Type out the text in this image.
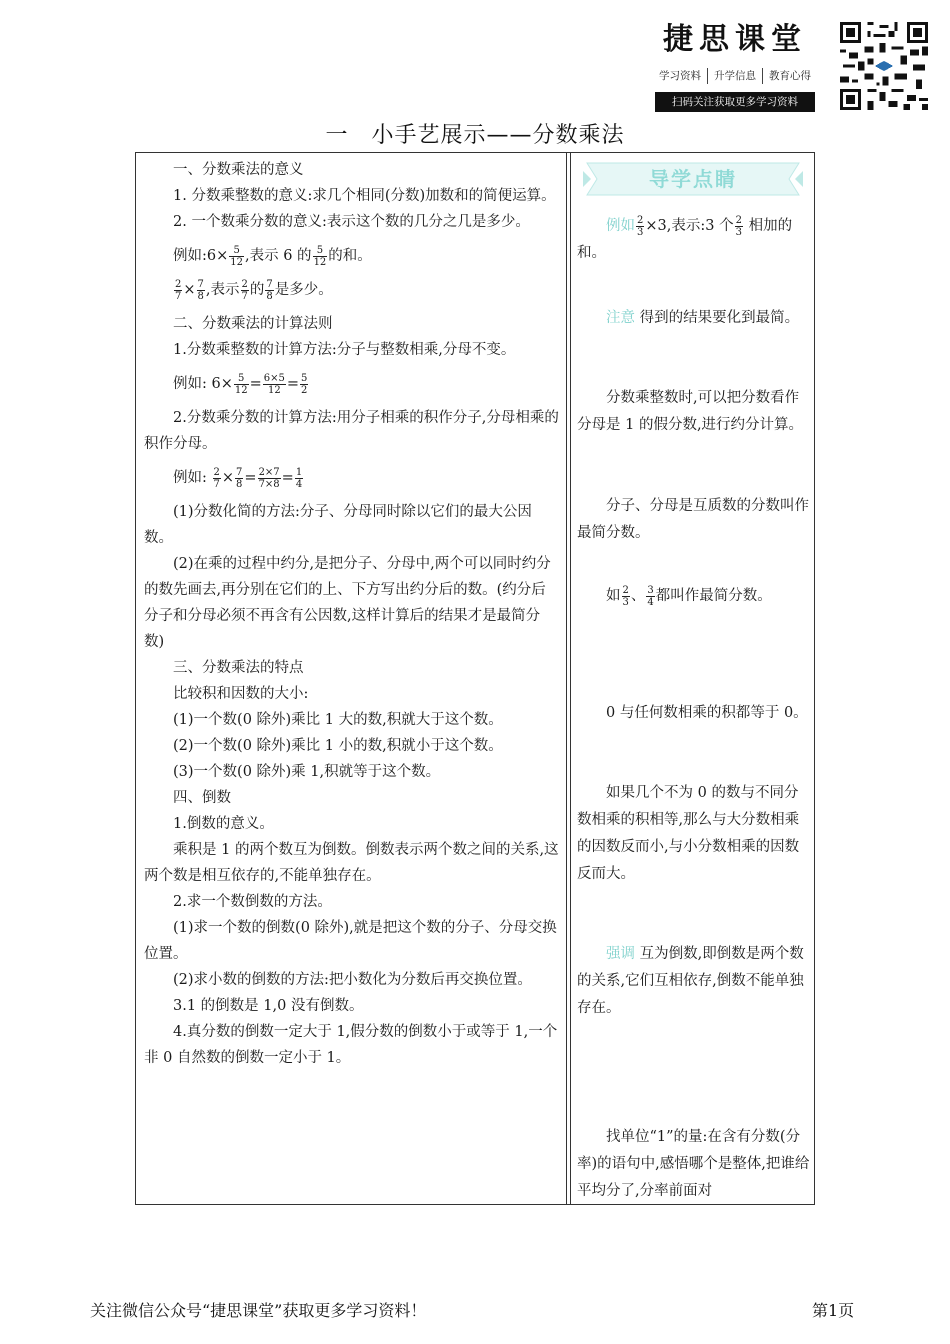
捷思课堂
学习资料	升学信息	教育心得
扫码关注获取更多学习资料
一　小手艺展示——分数乘法

一、分数乘法的意义

1. 分数乘整数的意义:求几个相同(分数)加数和的简便运算。

2. 一个数乘分数的意义:表示这个数的几分之几是多少。

例如:6× $\frac{5}{12}$ ,表示 6 的 $\frac{5}{12}$ 的和。

$\frac{2}{7} \times \frac{7}{8}$ ,表示 $\frac{2}{7}$ 的 $\frac{7}{8}$ 是多少。

二、分数乘法的计算法则

1.分数乘整数的计算方法:分子与整数相乘,分母不变。

例如: $6\times \frac{5}{12} = \frac{6\times 5}{12} = \frac{5}{2}$

2.分数乘分数的计算方法:用分子相乘的积作分子,分母相乘的积作分母。

例如: $\frac{2}{7} \times \frac{7}{8} = \frac{2\times 7}{7\times 8} = \frac{1}{4}$

(1)分数化简的方法:分子、分母同时除以它们的最大公因数。

(2)在乘的过程中约分,是把分子、分母中,两个可以同时约分的数先画去,再分别在它们的上、下方写出约分后的数。(约分后分子和分母必须不再含有公因数,这样计算后的结果才是最简分数)

三、分数乘法的特点

比较积和因数的大小:

(1)一个数(0 除外)乘比 1 大的数,积就大于这个数。

(2)一个数(0 除外)乘比 1 小的数,积就小于这个数。

(3)一个数(0 除外)乘 1,积就等于这个数。

四、倒数

1.倒数的意义。

乘积是 1 的两个数互为倒数。倒数表示两个数之间的关系,这两个数是相互依存的,不能单独存在。

2.求一个数倒数的方法。

(1)求一个数的倒数(0 除外),就是把这个数的分子、分母交换位置。

(2)求小数的倒数的方法:把小数化为分数后再交换位置。

3.1 的倒数是 1,0 没有倒数。

4.真分数的倒数一定大于 1,假分数的倒数小于或等于 1,一个非 0 自然数的倒数一定小于 1。

导学点睛

例如 $\frac{2}{3} \times 3$,表示:3 个 $\frac{2}{3}$ 相加的和。

注意 得到的结果要化到最简。

分数乘整数时,可以把分数看作分母是 1 的假分数,进行约分计算。

分子、分母是互质数的分数叫作最简分数。

如 $\frac{2}{3}$ 、 $\frac{3}{4}$ 都叫作最简分数。

0 与任何数相乘的积都等于 0。

如果几个不为 0 的数与不同分数相乘的积相等,那么与大分数相乘的因数反而小,与小分数相乘的因数反而大。

强调 互为倒数,即倒数是两个数的关系,它们互相依存,倒数不能单独存在。

找单位“1”的量:在含有分数(分率)的语句中,感悟哪个是整体,把谁给平均分了,分率前面对

关注微信公众号“捷思课堂”获取更多学习资料！	第1页
